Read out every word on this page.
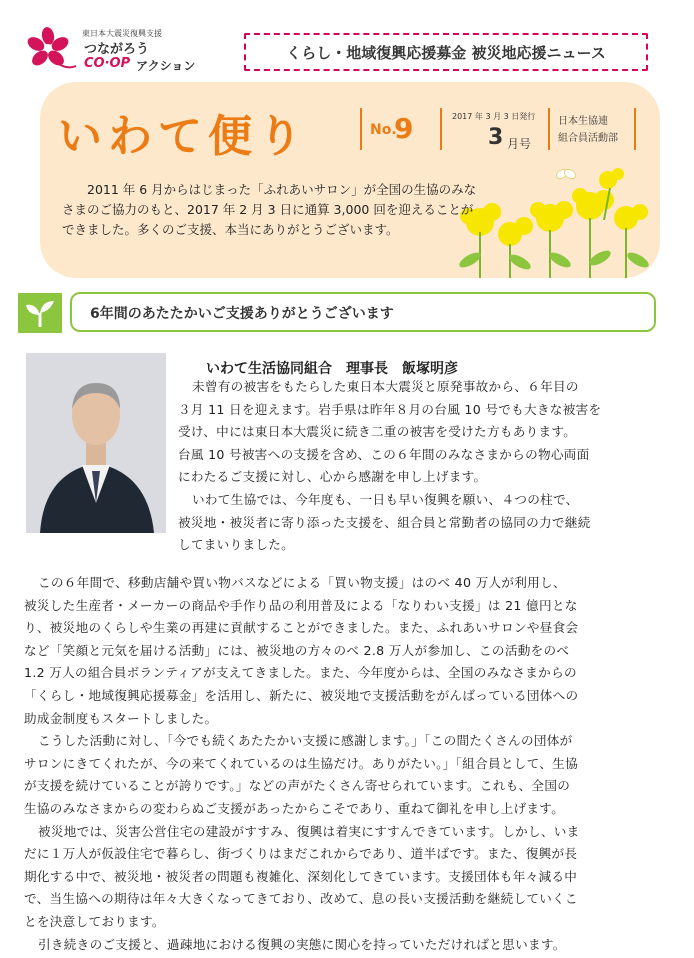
東日本大震災復興支援
つながろう
CO·OP アクション
くらし・地域復興応援募金 被災地応援ニュース
いわて便り	No.
9	2017 年 3 月 3 日発行
3 月号
日本生協連
組合員活動部
2011 年 6 月からはじまった「ふれあいサロン」が全国の生協のみなさまのご協力のもと、2017 年 2 月 3 日に通算 3,000 回を迎えることができました。多くのご支援、本当にありがとうございます。
6年間のあたたかいご支援ありがとうございます
いわて生活協同組合　理事長　飯塚明彦
未曾有の被害をもたらした東日本大震災と原発事故から、６年目の
３月 11 日を迎えます。岩手県は昨年８月の台風 10 号でも大きな被害を
受け、中には東日本大震災に続き二重の被害を受けた方もあります。
台風 10 号被害への支援を含め、この６年間のみなさまからの物心両面
にわたるご支援に対し、心から感謝を申し上げます。
いわて生協では、今年度も、一日も早い復興を願い、４つの柱で、
被災地・被災者に寄り添った支援を、組合員と常勤者の協同の力で継続
してまいりました。
この６年間で、移動店舗や買い物バスなどによる「買い物支援」はのべ 40 万人が利用し、
被災した生産者・メーカーの商品や手作り品の利用普及による「なりわい支援」は 21 億円とな
り、被災地のくらしや生業の再建に貢献することができました。また、ふれあいサロンや昼食会
など「笑顔と元気を届ける活動」には、被災地の方々のべ 2.8 万人が参加し、この活動をのべ
1.2 万人の組合員ボランティアが支えてきました。また、今年度からは、全国のみなさまからの
「くらし・地域復興応援募金」を活用し、新たに、被災地で支援活動をがんばっている団体への
助成金制度もスタートしました。
こうした活動に対し、「今でも続くあたたかい支援に感謝します。」「この間たくさんの団体が
サロンにきてくれたが、今の来てくれているのは生協だけ。ありがたい。」「組合員として、生協
が支援を続けていることが誇りです。」などの声がたくさん寄せられています。これも、全国の
生協のみなさまからの変わらぬご支援があったからこそであり、重ねて御礼を申し上げます。
被災地では、災害公営住宅の建設がすすみ、復興は着実にすすんできています。しかし、いま
だに１万人が仮設住宅で暮らし、街づくりはまだこれからであり、道半ばです。また、復興が長
期化する中で、被災地・被災者の問題も複雑化、深刻化してきています。支援団体も年々減る中
で、当生協への期待は年々大きくなってきており、改めて、息の長い支援活動を継続していくこ
とを決意しております。
引き続きのご支援と、過疎地における復興の実態に関心を持っていただければと思います。
